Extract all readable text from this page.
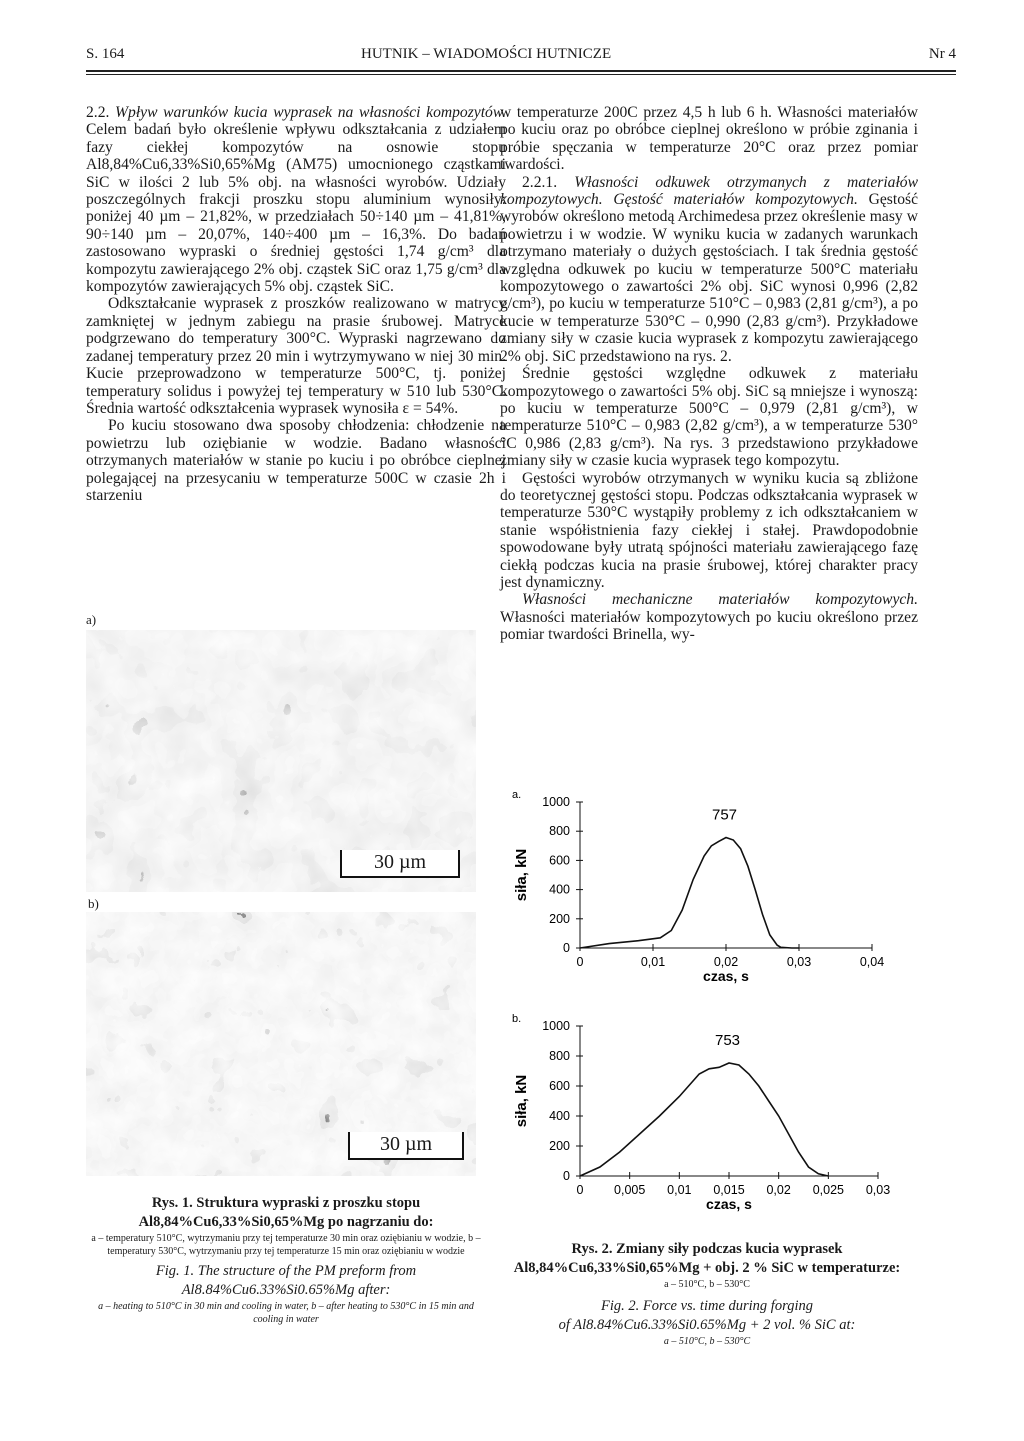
S. 164	HUTNIK – WIADOMOŚCI HUTNICZE	Nr 4

2.2. Wpływ warunków kucia wyprasek na własności kompozytów. Celem badań było określenie wpływu odkształcania z udziałem fazy ciekłej kompozytów na osnowie stopu Al8,84%Cu6,33%Si0,65%Mg (AM75) umocnionego cząstkami SiC w ilości 2 lub 5% obj. na własności wyrobów. Udziały poszczególnych frakcji proszku stopu aluminium wynosiły: poniżej 40 µm – 21,82%, w przedziałach 50÷140 µm – 41,81%, 90÷140 µm – 20,07%, 140÷400 µm – 16,3%. Do badań zastosowano wypraski o średniej gęstości 1,74 g/cm³ dla kompozytu zawierającego 2% obj. cząstek SiC oraz 1,75 g/cm³ dla kompozytów zawierających 5% obj. cząstek SiC.

Odkształcanie wyprasek z proszków realizowano w matrycy zamkniętej w jednym zabiegu na prasie śrubowej. Matryce podgrzewano do temperatury 300°C. Wypraski nagrzewano do zadanej temperatury przez 20 min i wytrzymywano w niej 30 min. Kucie przeprowadzono w temperaturze 500°C, tj. poniżej temperatury solidus i powyżej tej temperatury w 510 lub 530°C. Średnia wartość odkształcenia wyprasek wynosiła ε = 54%.

Po kuciu stosowano dwa sposoby chłodzenia: chłodzenie na powietrzu lub oziębianie w wodzie. Badano własności otrzymanych materiałów w stanie po kuciu i po obróbce cieplnej polegającej na przesycaniu w temperaturze 500C w czasie 2h i starzeniu

a)
30 µm
b)
30 µm
Rys. 1. Struktura wypraski z proszku stopu
Al8,84%Cu6,33%Si0,65%Mg po nagrzaniu do:
a – temperatury 510°C, wytrzymaniu przy tej temperaturze 30 min oraz oziębianiu w wodzie, b – temperatury 530°C, wytrzymaniu przy tej temperaturze 15 min oraz oziębianiu w wodzie
Fig. 1. The structure of the PM preform from
Al8.84%Cu6.33%Si0.65%Mg after:
a – heating to 510°C in 30 min and cooling in water, b – after heating to 530°C in 15 min and cooling in water

w temperaturze 200C przez 4,5 h lub 6 h. Własności materiałów po kuciu oraz po obróbce cieplnej określono w próbie zginania i próbie spęczania w temperaturze 20°C oraz przez pomiar twardości.

2.2.1. Własności odkuwek otrzymanych z materiałów kompozytowych. Gęstość materiałów kompozytowych. Gęstość wyrobów określono metodą Archimedesa przez określenie masy w powietrzu i w wodzie. W wyniku kucia w zadanych warunkach otrzymano materiały o dużych gęstościach. I tak średnia gęstość względna odkuwek po kuciu w temperaturze 500°C materiału kompozytowego o zawartości 2% obj. SiC wynosi 0,996 (2,82 g/cm³), po kuciu w temperaturze 510°C – 0,983 (2,81 g/cm³), a po kucie w temperaturze 530°C – 0,990 (2,83 g/cm³). Przykładowe zmiany siły w czasie kucia wyprasek z kompozytu zawierającego 2% obj. SiC przedstawiono na rys. 2.

Średnie gęstości względne odkuwek z materiału kompozytowego o zawartości 5% obj. SiC są mniejsze i wynoszą: po kuciu w temperaturze 500°C – 0,979 (2,81 g/cm³), w temperaturze 510°C – 0,983 (2,82 g/cm³), a w temperaturze 530°°C 0,986 (2,83 g/cm³). Na rys. 3 przedstawiono przykładowe zmiany siły w czasie kucia wyprasek tego kompozytu.

Gęstości wyrobów otrzymanych w wyniku kucia są zbliżone do teoretycznej gęstości stopu. Podczas odkształcania wyprasek w temperaturze 530°C wystąpiły problemy z ich odkształcaniem w stanie współistnienia fazy ciekłej i stałej. Prawdopodobnie spowodowane były utratą spójności materiału zawierającego fazę ciekłą podczas kucia na prasie śrubowej, której charakter pracy jest dynamiczny.

Własności mechaniczne materiałów kompozytowych. Własności materiałów kompozytowych po kuciu określono przez pomiar twardości Brinella, wy-

a.
0
200
400
600
800
1000
0	0,01	0,02	0,03	0,04
czas, s
siła, kN
757
b.
0
200
400
600
800
1000
0 0,005 0,01 0,015 0,02 0,025 0,03
czas, s
siła, kN
753
Rys. 2. Zmiany siły podczas kucia wyprasek
Al8,84%Cu6,33%Si0,65%Mg + obj. 2 % SiC w temperaturze:
a – 510°C, b – 530°C
Fig. 2. Force vs. time during forging
of Al8.84%Cu6.33%Si0.65%Mg + 2 vol. % SiC at:
a – 510°C, b – 530°C
